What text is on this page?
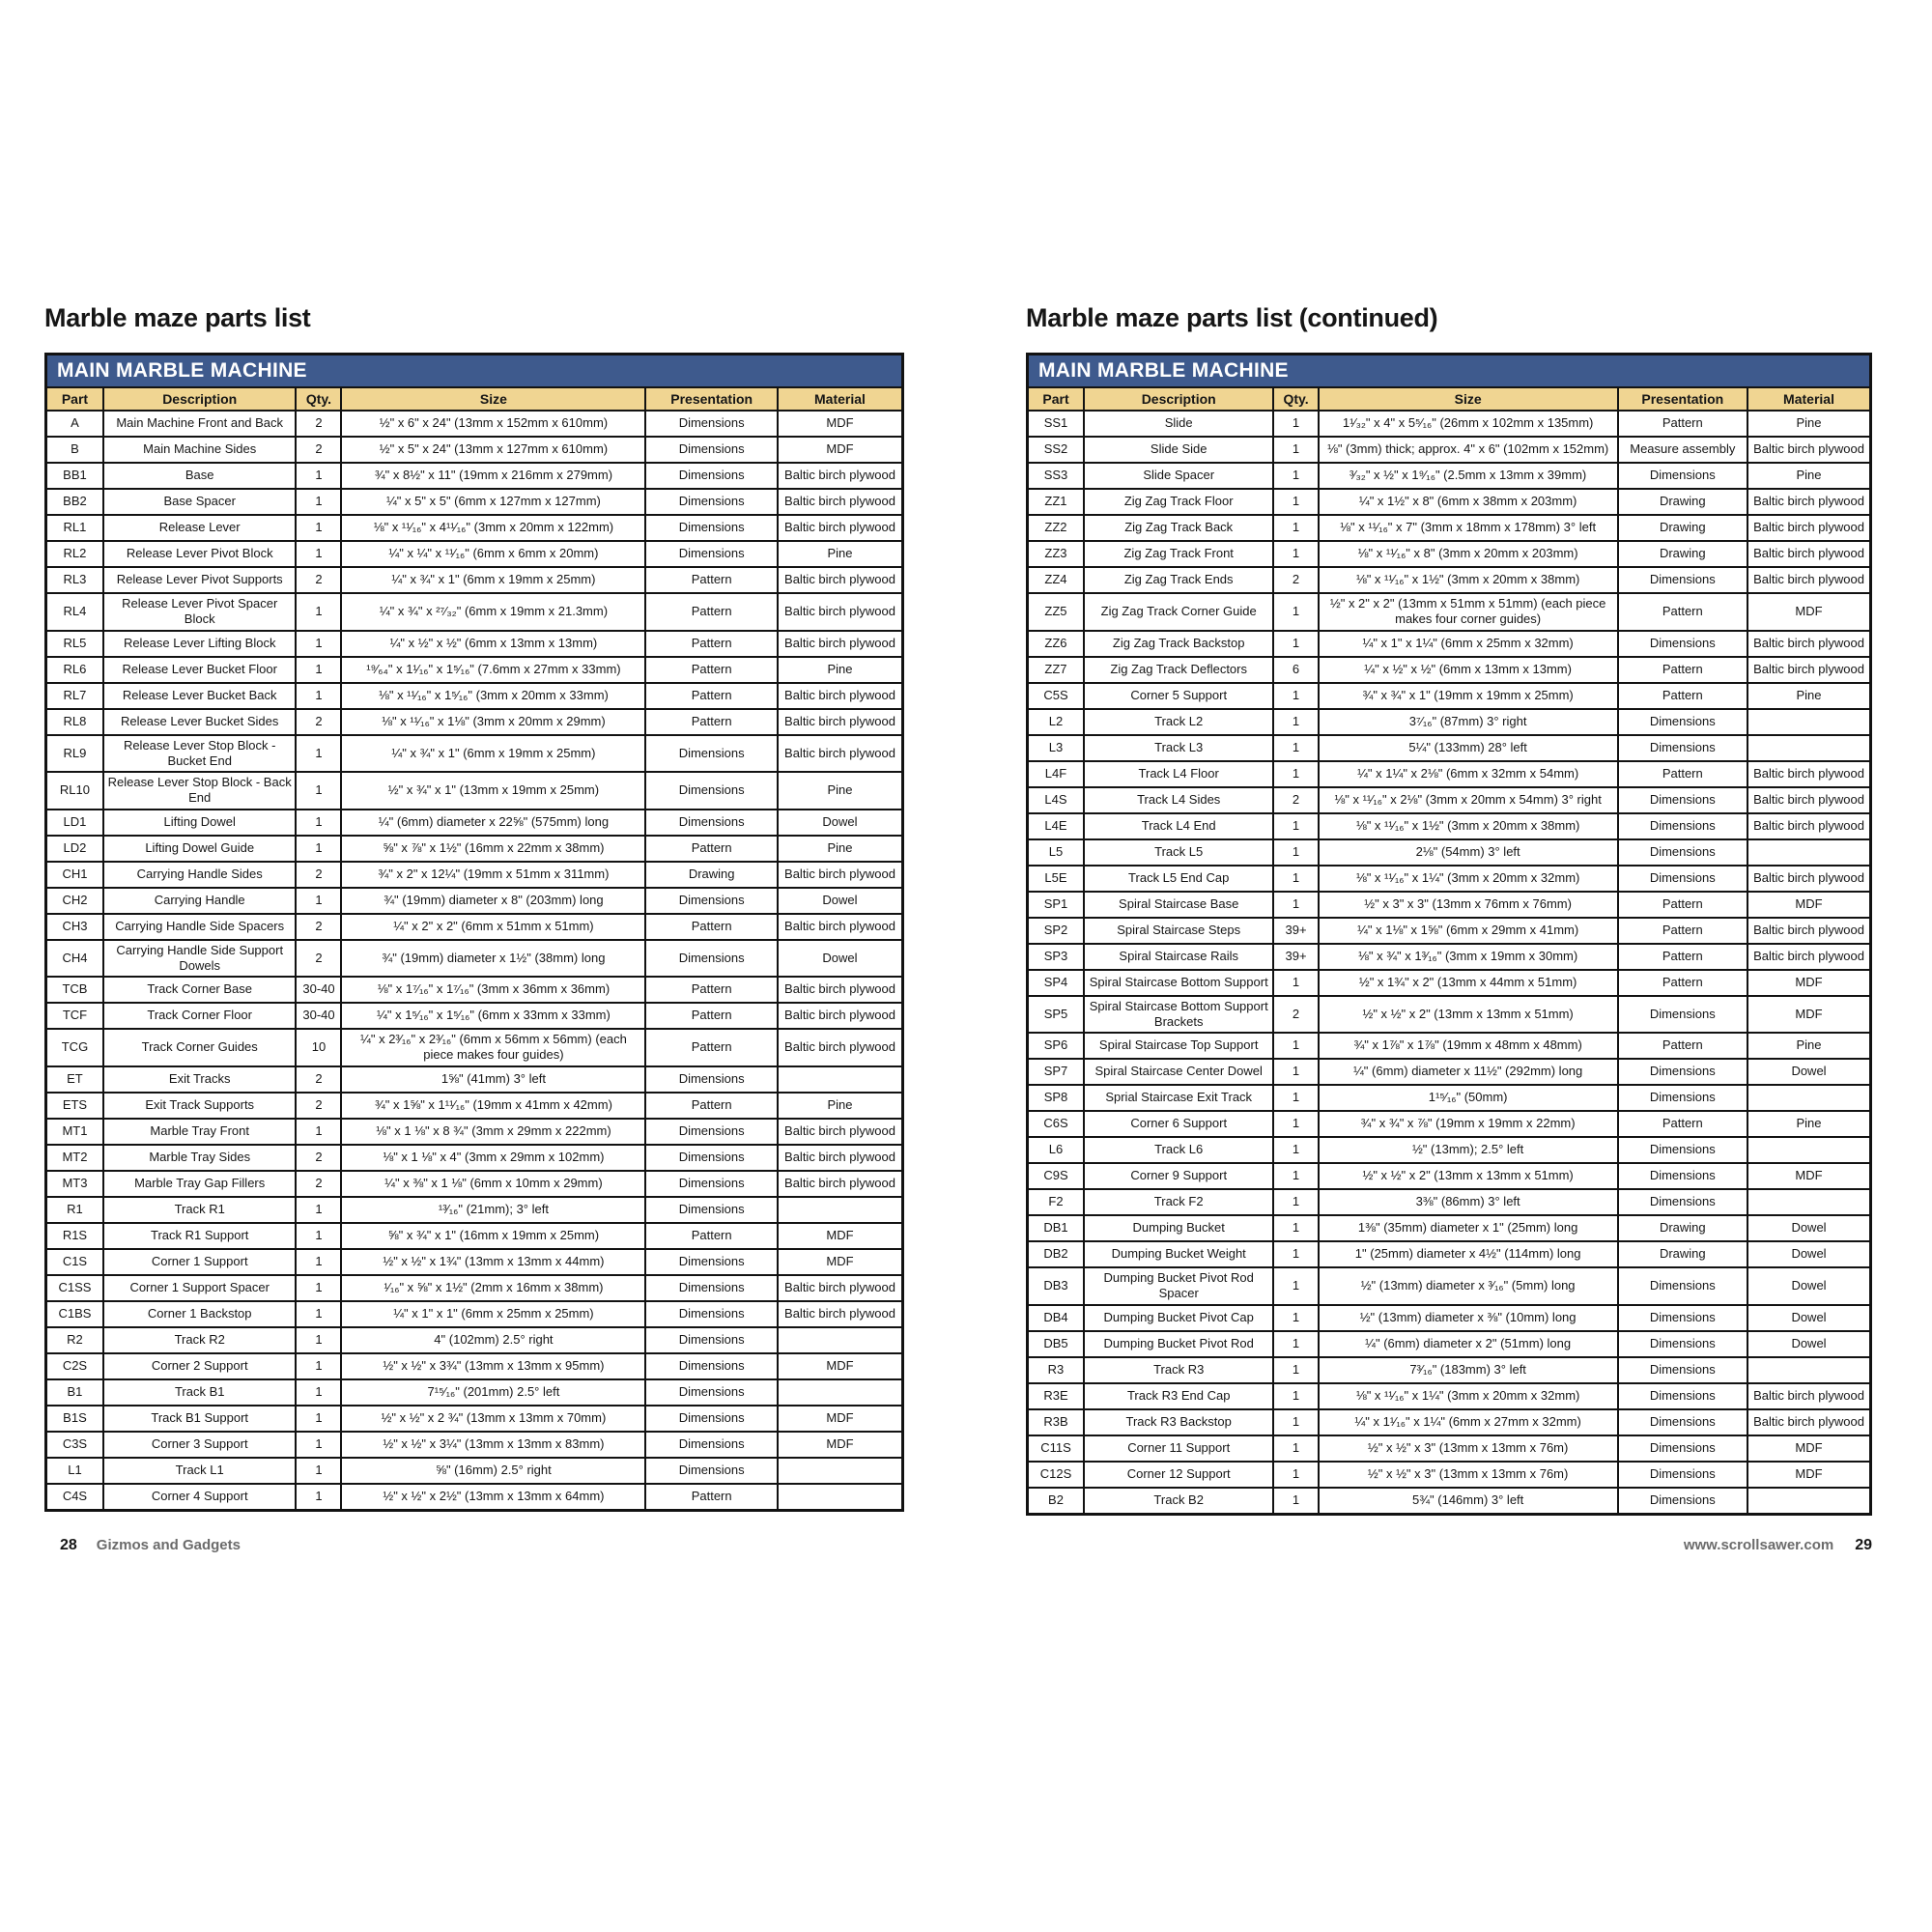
Marble maze parts list
MAIN MARBLE MACHINE					
Part	Description	Qty.	Size	Presentation	Material
A	Main Machine Front and Back	2	½" x 6" x 24" (13mm x 152mm x 610mm)	Dimensions	MDF
B	Main Machine Sides	2	½" x 5" x 24" (13mm x 127mm x 610mm)	Dimensions	MDF
BB1	Base	1	¾" x 8½" x 11" (19mm x 216mm x 279mm)	Dimensions	Baltic birch plywood
BB2	Base Spacer	1	¼" x 5" x 5" (6mm x 127mm x 127mm)	Dimensions	Baltic birch plywood
RL1	Release Lever	1	⅛" x ¹¹⁄₁₆" x 4¹¹⁄₁₆" (3mm x 20mm x 122mm)	Dimensions	Baltic birch plywood
RL2	Release Lever Pivot Block	1	¼" x ¼" x ¹¹⁄₁₆" (6mm x 6mm x 20mm)	Dimensions	Pine
RL3	Release Lever Pivot Supports	2	¼" x ¾" x 1" (6mm x 19mm x 25mm)	Pattern	Baltic birch plywood
RL4	Release Lever Pivot Spacer Block	1	¼" x ¾" x ²⁷⁄₃₂" (6mm x 19mm x 21.3mm)	Pattern	Baltic birch plywood
RL5	Release Lever Lifting Block	1	¼" x ½" x ½" (6mm x 13mm x 13mm)	Pattern	Baltic birch plywood
RL6	Release Lever Bucket Floor	1	¹⁹⁄₆₄" x 1¹⁄₁₆" x 1⁵⁄₁₆" (7.6mm x 27mm x 33mm)	Pattern	Pine
RL7	Release Lever Bucket Back	1	⅛" x ¹¹⁄₁₆" x 1⁵⁄₁₆" (3mm x 20mm x 33mm)	Pattern	Baltic birch plywood
RL8	Release Lever Bucket Sides	2	⅛" x ¹¹⁄₁₆" x 1⅛" (3mm x 20mm x 29mm)	Pattern	Baltic birch plywood
RL9	Release Lever Stop Block - Bucket End	1	¼" x ¾" x 1" (6mm x 19mm x 25mm)	Dimensions	Baltic birch plywood
RL10	Release Lever Stop Block - Back End	1	½" x ¾" x 1" (13mm x 19mm x 25mm)	Dimensions	Pine
LD1	Lifting Dowel	1	¼" (6mm) diameter x 22⅝" (575mm) long	Dimensions	Dowel
LD2	Lifting Dowel Guide	1	⅝" x ⅞" x 1½" (16mm x 22mm x 38mm)	Pattern	Pine
CH1	Carrying Handle Sides	2	¾" x 2" x 12¼" (19mm x 51mm x 311mm)	Drawing	Baltic birch plywood
CH2	Carrying Handle	1	¾" (19mm) diameter x 8" (203mm) long	Dimensions	Dowel
CH3	Carrying Handle Side Spacers	2	¼" x 2" x 2" (6mm x 51mm x 51mm)	Pattern	Baltic birch plywood
CH4	Carrying Handle Side Support Dowels	2	¾" (19mm) diameter x 1½" (38mm) long	Dimensions	Dowel
TCB	Track Corner Base	30-40	⅛" x 1⁷⁄₁₆" x 1⁷⁄₁₆" (3mm x 36mm x 36mm)	Pattern	Baltic birch plywood
TCF	Track Corner Floor	30-40	¼" x 1⁵⁄₁₆" x 1⁵⁄₁₆" (6mm x 33mm x 33mm)	Pattern	Baltic birch plywood
TCG	Track Corner Guides	10	¼" x 2³⁄₁₆" x 2³⁄₁₆" (6mm x 56mm x 56mm) (each piece makes four guides)	Pattern	Baltic birch plywood
ET	Exit Tracks	2	1⅝" (41mm) 3° left	Dimensions	
ETS	Exit Track Supports	2	¾" x 1⅝" x 1¹¹⁄₁₆" (19mm x 41mm x 42mm)	Pattern	Pine
MT1	Marble Tray Front	1	⅛" x 1 ⅛" x 8 ¾" (3mm x 29mm x 222mm)	Dimensions	Baltic birch plywood
MT2	Marble Tray Sides	2	⅛" x 1 ⅛" x 4" (3mm x 29mm x 102mm)	Dimensions	Baltic birch plywood
MT3	Marble Tray Gap Fillers	2	¼" x ⅜" x 1 ⅛" (6mm x 10mm x 29mm)	Dimensions	Baltic birch plywood
R1	Track R1	1	¹³⁄₁₆" (21mm); 3° left	Dimensions	
R1S	Track R1 Support	1	⅝" x ¾" x 1" (16mm x 19mm x 25mm)	Pattern	MDF
C1S	Corner 1 Support	1	½" x ½" x 1¾" (13mm x 13mm x 44mm)	Dimensions	MDF
C1SS	Corner 1 Support Spacer	1	¹⁄₁₆" x ⅝" x 1½" (2mm x 16mm x 38mm)	Dimensions	Baltic birch plywood
C1BS	Corner 1 Backstop	1	¼" x 1" x 1" (6mm x 25mm x 25mm)	Dimensions	Baltic birch plywood
R2	Track R2	1	4" (102mm) 2.5° right	Dimensions	
C2S	Corner 2 Support	1	½" x ½" x 3¾" (13mm x 13mm x 95mm)	Dimensions	MDF
B1	Track B1	1	7¹⁵⁄₁₆" (201mm) 2.5° left	Dimensions	
B1S	Track B1 Support	1	½" x ½" x 2 ¾" (13mm x 13mm x 70mm)	Dimensions	MDF
C3S	Corner 3 Support	1	½" x ½" x 3¼" (13mm x 13mm x 83mm)	Dimensions	MDF
L1	Track L1	1	⅝" (16mm) 2.5° right	Dimensions	
C4S	Corner 4 Support	1	½" x ½" x 2½" (13mm x 13mm x 64mm)	Pattern	
Marble maze parts list (continued)
MAIN MARBLE MACHINE					
Part	Description	Qty.	Size	Presentation	Material
SS1	Slide	1	1¹⁄₃₂" x 4" x 5⁵⁄₁₆" (26mm x 102mm x 135mm)	Pattern	Pine
SS2	Slide Side	1	⅛" (3mm) thick; approx. 4" x 6" (102mm x 152mm)	Measure assembly	Baltic birch plywood
SS3	Slide Spacer	1	³⁄₃₂" x ½" x 1⁹⁄₁₆" (2.5mm x 13mm x 39mm)	Dimensions	Pine
ZZ1	Zig Zag Track Floor	1	¼" x 1½" x 8" (6mm x 38mm x 203mm)	Drawing	Baltic birch plywood
ZZ2	Zig Zag Track Back	1	⅛" x ¹¹⁄₁₆" x 7" (3mm x 18mm x 178mm) 3° left	Drawing	Baltic birch plywood
ZZ3	Zig Zag Track Front	1	⅛" x ¹¹⁄₁₆" x 8" (3mm x 20mm x 203mm)	Drawing	Baltic birch plywood
ZZ4	Zig Zag Track Ends	2	⅛" x ¹¹⁄₁₆" x 1½" (3mm x 20mm x 38mm)	Dimensions	Baltic birch plywood
ZZ5	Zig Zag Track Corner Guide	1	½" x 2" x 2" (13mm x 51mm x 51mm) (each piece makes four corner guides)	Pattern	MDF
ZZ6	Zig Zag Track Backstop	1	¼" x 1" x 1¼" (6mm x 25mm x 32mm)	Dimensions	Baltic birch plywood
ZZ7	Zig Zag Track Deflectors	6	¼" x ½" x ½" (6mm x 13mm x 13mm)	Pattern	Baltic birch plywood
C5S	Corner 5 Support	1	¾" x ¾" x 1" (19mm x 19mm x 25mm)	Pattern	Pine
L2	Track L2	1	3⁷⁄₁₆" (87mm) 3° right	Dimensions	
L3	Track L3	1	5¼" (133mm) 28° left	Dimensions	
L4F	Track L4 Floor	1	¼" x 1¼" x 2⅛" (6mm x 32mm x 54mm)	Pattern	Baltic birch plywood
L4S	Track L4 Sides	2	⅛" x ¹¹⁄₁₆" x 2⅛" (3mm x 20mm x 54mm) 3° right	Dimensions	Baltic birch plywood
L4E	Track L4 End	1	⅛" x ¹¹⁄₁₆" x 1½" (3mm x 20mm x 38mm)	Dimensions	Baltic birch plywood
L5	Track L5	1	2⅛" (54mm) 3° left	Dimensions	
L5E	Track L5 End Cap	1	⅛" x ¹¹⁄₁₆" x 1¼" (3mm x 20mm x 32mm)	Dimensions	Baltic birch plywood
SP1	Spiral Staircase Base	1	½" x 3" x 3" (13mm x 76mm x 76mm)	Pattern	MDF
SP2	Spiral Staircase Steps	39+	¼" x 1⅛" x 1⅝" (6mm x 29mm x 41mm)	Pattern	Baltic birch plywood
SP3	Spiral Staircase Rails	39+	⅛" x ¾" x 1³⁄₁₆" (3mm x 19mm x 30mm)	Pattern	Baltic birch plywood
SP4	Spiral Staircase Bottom Support	1	½" x 1¾" x 2" (13mm x 44mm x 51mm)	Pattern	MDF
SP5	Spiral Staircase Bottom Support Brackets	2	½" x ½" x 2" (13mm x 13mm x 51mm)	Dimensions	MDF
SP6	Spiral Staircase Top Support	1	¾" x 1⅞" x 1⅞" (19mm x 48mm x 48mm)	Pattern	Pine
SP7	Spiral Staircase Center Dowel	1	¼" (6mm) diameter x 11½" (292mm) long	Dimensions	Dowel
SP8	Sprial Staircase Exit Track	1	1¹⁵⁄₁₆" (50mm)	Dimensions	
C6S	Corner 6 Support	1	¾" x ¾" x ⅞" (19mm x 19mm x 22mm)	Pattern	Pine
L6	Track L6	1	½" (13mm); 2.5° left	Dimensions	
C9S	Corner 9 Support	1	½" x ½" x 2" (13mm x 13mm x 51mm)	Dimensions	MDF
F2	Track F2	1	3⅜" (86mm) 3° left	Dimensions	
DB1	Dumping Bucket	1	1⅜" (35mm) diameter x 1" (25mm) long	Drawing	Dowel
DB2	Dumping Bucket Weight	1	1" (25mm) diameter x 4½" (114mm) long	Drawing	Dowel
DB3	Dumping Bucket Pivot Rod Spacer	1	½" (13mm) diameter x ³⁄₁₆" (5mm) long	Dimensions	Dowel
DB4	Dumping Bucket Pivot Cap	1	½" (13mm) diameter x ⅜" (10mm) long	Dimensions	Dowel
DB5	Dumping Bucket Pivot Rod	1	¼" (6mm) diameter x 2" (51mm) long	Dimensions	Dowel
R3	Track R3	1	7³⁄₁₆" (183mm) 3° left	Dimensions	
R3E	Track R3 End Cap	1	⅛" x ¹¹⁄₁₆" x 1¼" (3mm x 20mm x 32mm)	Dimensions	Baltic birch plywood
R3B	Track R3 Backstop	1	¼" x 1¹⁄₁₆" x 1¼" (6mm x 27mm x 32mm)	Dimensions	Baltic birch plywood
C11S	Corner 11 Support	1	½" x ½" x 3" (13mm x 13mm x 76m)	Dimensions	MDF
C12S	Corner 12 Support	1	½" x ½" x 3" (13mm x 13mm x 76m)	Dimensions	MDF
B2	Track B2	1	5¾" (146mm) 3° left	Dimensions	
28 Gizmos and Gadgets	www.scrollsawer.com 29
